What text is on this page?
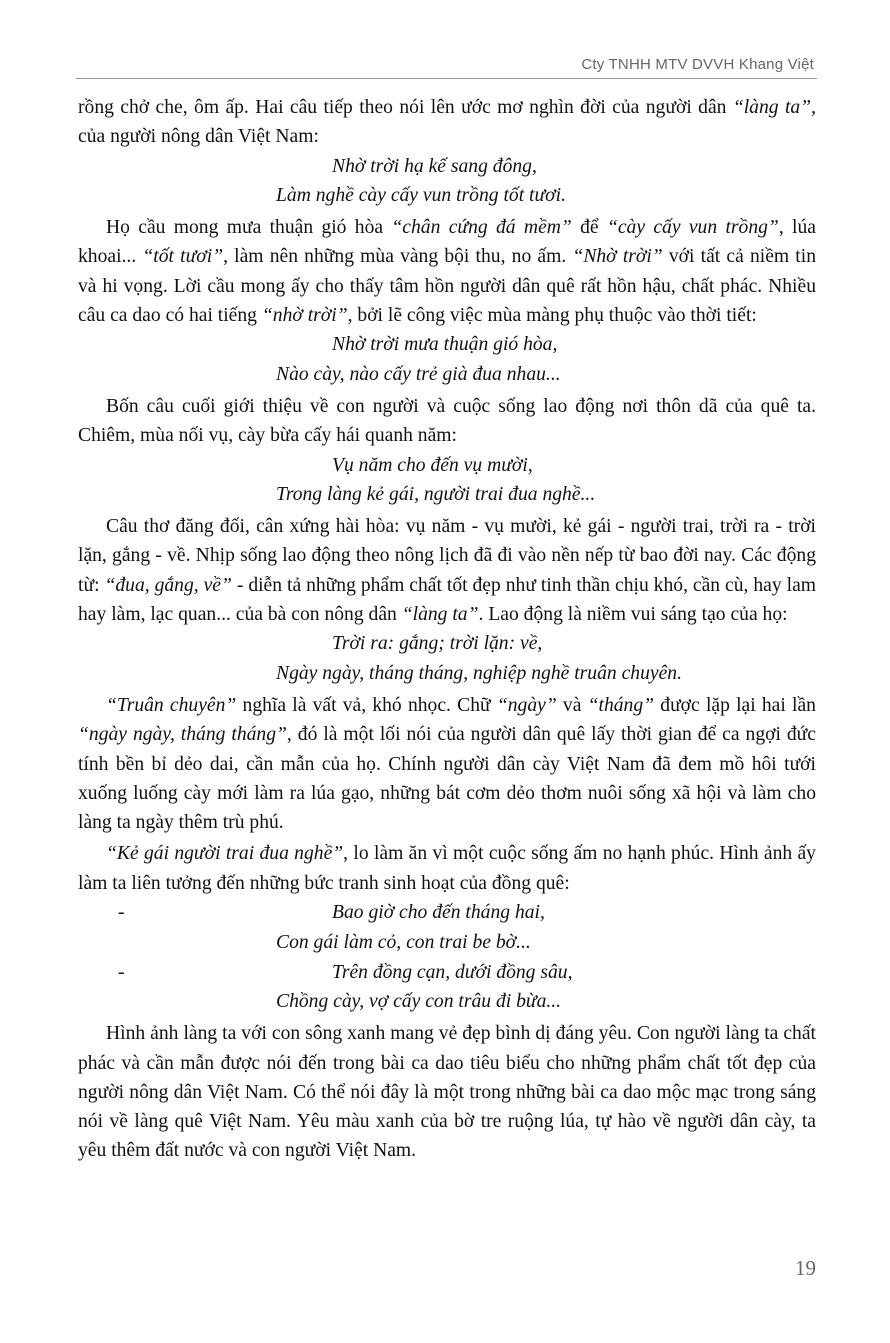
Cty TNHH MTV DVVH Khang Việt

rồng chở che, ôm ấp. Hai câu tiếp theo nói lên ước mơ nghìn đời của người dân “làng ta”, của người nông dân Việt Nam:

Nhờ trời hạ kế sang đông,
Làm nghề cày cấy vun trồng tốt tươi.

Họ cầu mong mưa thuận gió hòa “chân cứng đá mềm” để “cày cấy vun trồng”, lúa khoai... “tốt tươi”, làm nên những mùa vàng bội thu, no ấm. “Nhờ trời” với tất cả niềm tin và hi vọng. Lời cầu mong ấy cho thấy tâm hồn người dân quê rất hồn hậu, chất phác. Nhiều câu ca dao có hai tiếng “nhờ trời”, bởi lẽ công việc mùa màng phụ thuộc vào thời tiết:

Nhờ trời mưa thuận gió hòa,
Nào cày, nào cấy trẻ già đua nhau...

Bốn câu cuối giới thiệu về con người và cuộc sống lao động nơi thôn dã của quê ta. Chiêm, mùa nối vụ, cày bừa cấy hái quanh năm:

Vụ năm cho đến vụ mười,
Trong làng kẻ gái, người trai đua nghề...

Câu thơ đăng đối, cân xứng hài hòa: vụ năm - vụ mười, kẻ gái - người trai, trời ra - trời lặn, gắng - về. Nhịp sống lao động theo nông lịch đã đi vào nền nếp từ bao đời nay. Các động từ: “đua, gắng, về” - diễn tả những phẩm chất tốt đẹp như tinh thần chịu khó, cần cù, hay lam hay làm, lạc quan... của bà con nông dân “làng ta”. Lao động là niềm vui sáng tạo của họ:

Trời ra: gắng; trời lặn: về,
Ngày ngày, tháng tháng, nghiệp nghề truân chuyên.

“Truân chuyên” nghĩa là vất vả, khó nhọc. Chữ “ngày” và “tháng” được lặp lại hai lần “ngày ngày, tháng tháng”, đó là một lối nói của người dân quê lấy thời gian để ca ngợi đức tính bền bỉ dẻo dai, cần mẫn của họ. Chính người dân cày Việt Nam đã đem mồ hôi tưới xuống luống cày mới làm ra lúa gạo, những bát cơm dẻo thơm nuôi sống xã hội và làm cho làng ta ngày thêm trù phú.

“Kẻ gái người trai đua nghề”, lo làm ăn vì một cuộc sống ấm no hạnh phúc. Hình ảnh ấy làm ta liên tưởng đến những bức tranh sinh hoạt của đồng quê:

-	Bao giờ cho đến tháng hai,
Con gái làm cỏ, con trai be bờ...
-	Trên đồng cạn, dưới đồng sâu,
Chồng cày, vợ cấy con trâu đi bừa...

Hình ảnh làng ta với con sông xanh mang vẻ đẹp bình dị đáng yêu. Con người làng ta chất phác và cần mẫn được nói đến trong bài ca dao tiêu biểu cho những phẩm chất tốt đẹp của người nông dân Việt Nam. Có thể nói đây là một trong những bài ca dao mộc mạc trong sáng nói về làng quê Việt Nam. Yêu màu xanh của bờ tre ruộng lúa, tự hào về người dân cày, ta yêu thêm đất nước và con người Việt Nam.

19
